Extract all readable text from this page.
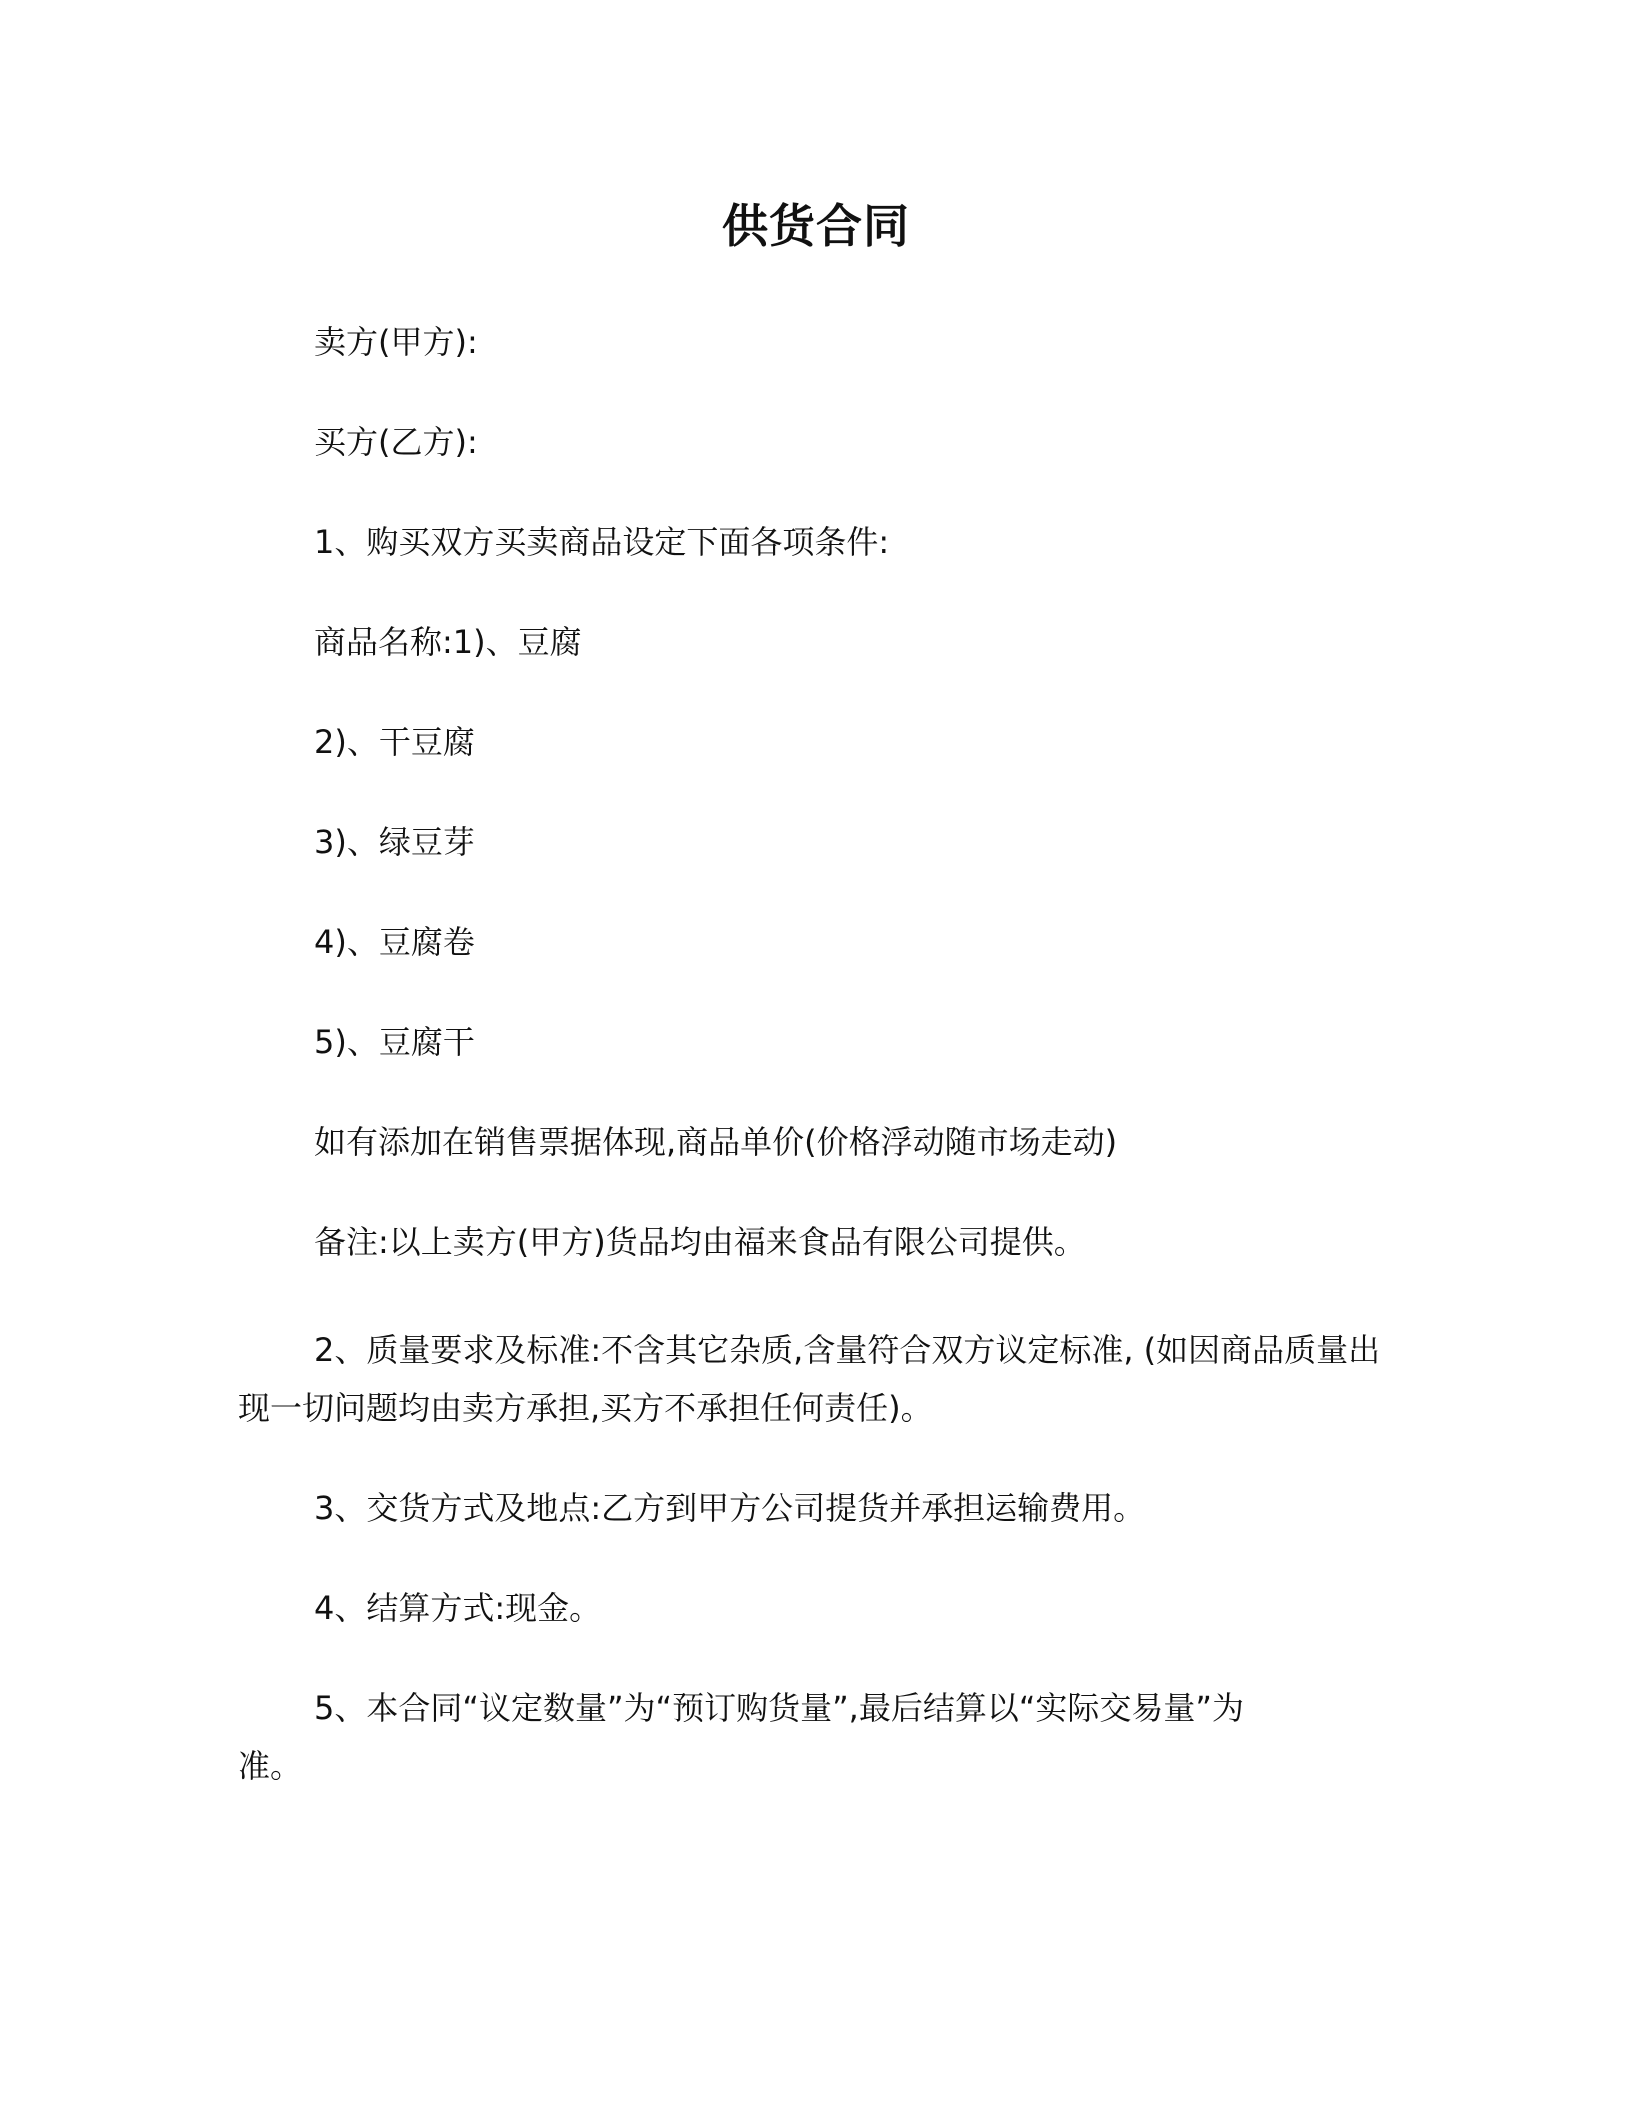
供货合同
卖方(甲方):
买方(乙方):
1、购买双方买卖商品设定下面各项条件:
商品名称:1)、豆腐
2)、干豆腐
3)、绿豆芽
4)、豆腐卷
5)、豆腐干
如有添加在销售票据体现,商品单价(价格浮动随市场走动)
备注:以上卖方(甲方)货品均由福来食品有限公司提供。
2、质量要求及标准:不含其它杂质,含量符合双方议定标准, (如因商品质量出
现一切问题均由卖方承担,买方不承担任何责任)。
3、交货方式及地点:乙方到甲方公司提货并承担运输费用。
4、结算方式:现金。
5、本合同“议定数量”为“预订购货量”,最后结算以“实际交易量”为
准。
